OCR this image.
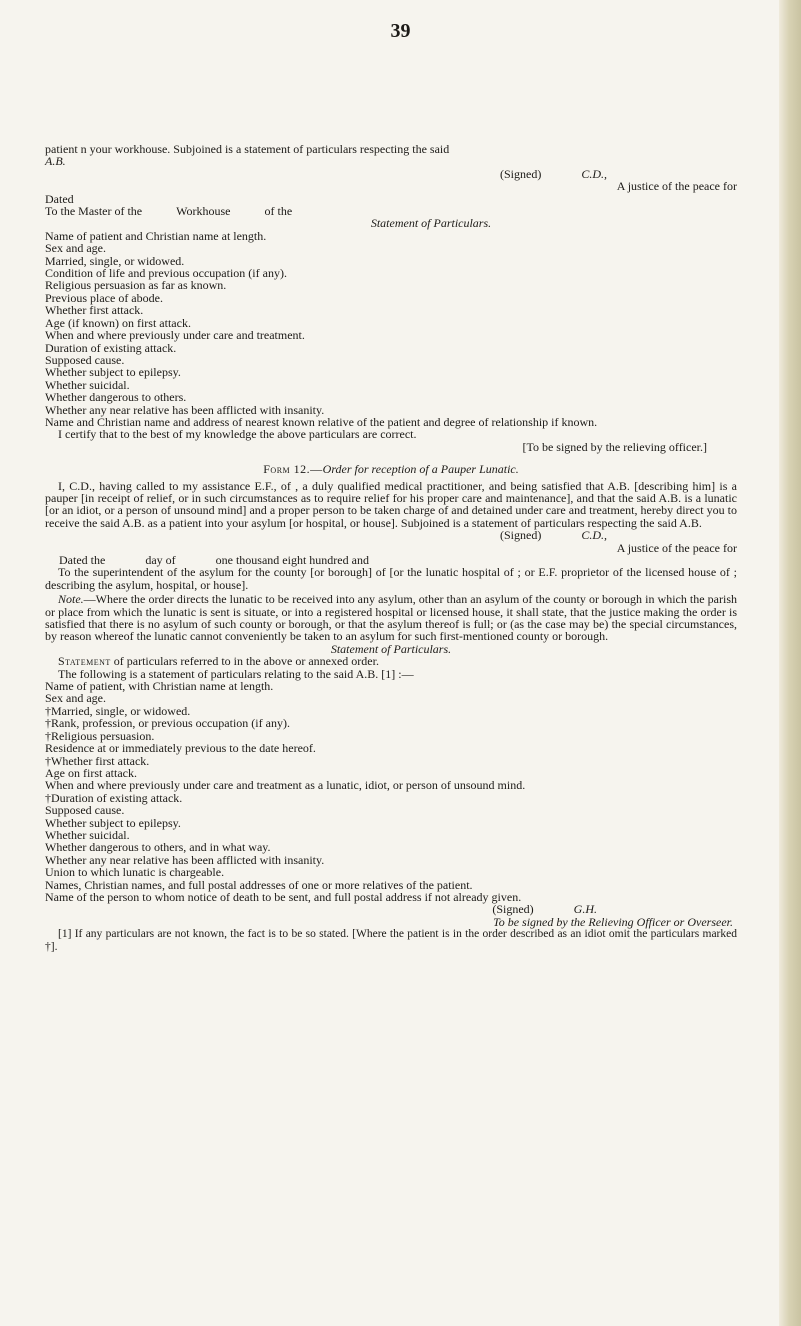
39

patient n your workhouse. Subjoined is a statement of particulars respecting the said
A.B.

(Signed)	C.D.,
A justice of the peace for
Dated
To the Master of the	Workhouse	of the
Statement of Particulars.
Name of patient and Christian name at length.
Sex and age.
Married, single, or widowed.
Condition of life and previous occupation (if any).
Religious persuasion as far as known.
Previous place of abode.
Whether first attack.
Age (if known) on first attack.
When and where previously under care and treatment.
Duration of existing attack.
Supposed cause.
Whether subject to epilepsy.
Whether suicidal.
Whether dangerous to others.
Whether any near relative has been afflicted with insanity.
Name and Christian name and address of nearest known relative of the patient and degree of relationship if known.
I certify that to the best of my knowledge the above particulars are correct.
[To be signed by the relieving officer.]

Form 12.—Order for reception of a Pauper Lunatic.

I, C.D., having called to my assistance E.F., of , a duly qualified medical practitioner, and being satisfied that A.B. [describing him] is a pauper [in receipt of relief, or in such circumstances as to require relief for his proper care and maintenance], and that the said A.B. is a lunatic [or an idiot, or a person of unsound mind] and a proper person to be taken charge of and detained under care and treatment, hereby direct you to receive the said A.B. as a patient into your asylum [or hospital, or house]. Subjoined is a statement of particulars respecting the said A.B.

(Signed)	C.D.,
A justice of the peace for
Dated the	day of	one thousand eight hundred and

To the superintendent of the asylum for the county [or borough] of [or the lunatic hospital of ; or E.F. proprietor of the licensed house of ; describing the asylum, hospital, or house].

Note.—Where the order directs the lunatic to be received into any asylum, other than an asylum of the county or borough in which the parish or place from which the lunatic is sent is situate, or into a registered hospital or licensed house, it shall state, that the justice making the order is satisfied that there is no asylum of such county or borough, or that the asylum thereof is full; or (as the case may be) the special circumstances, by reason whereof the lunatic cannot conveniently be taken to an asylum for such first-mentioned county or borough.

Statement of Particulars.

Statement of particulars referred to in the above or annexed order.

The following is a statement of particulars relating to the said A.B. [1] :—

Name of patient, with Christian name at length.
Sex and age.
†Married, single, or widowed.
†Rank, profession, or previous occupation (if any).
†Religious persuasion.
Residence at or immediately previous to the date hereof.
†Whether first attack.
Age on first attack.
When and where previously under care and treatment as a lunatic, idiot, or person of unsound mind.
†Duration of existing attack.
Supposed cause.
Whether subject to epilepsy.
Whether suicidal.
Whether dangerous to others, and in what way.
Whether any near relative has been afflicted with insanity.
Union to which lunatic is chargeable.
Names, Christian names, and full postal addresses of one or more relatives of the patient.
Name of the person to whom notice of death to be sent, and full postal address if not already given.
(Signed)	G.H.
To be signed by the Relieving Officer or Overseer.

[1] If any particulars are not known, the fact is to be so stated. [Where the patient is in the order described as an idiot omit the particulars marked †].
